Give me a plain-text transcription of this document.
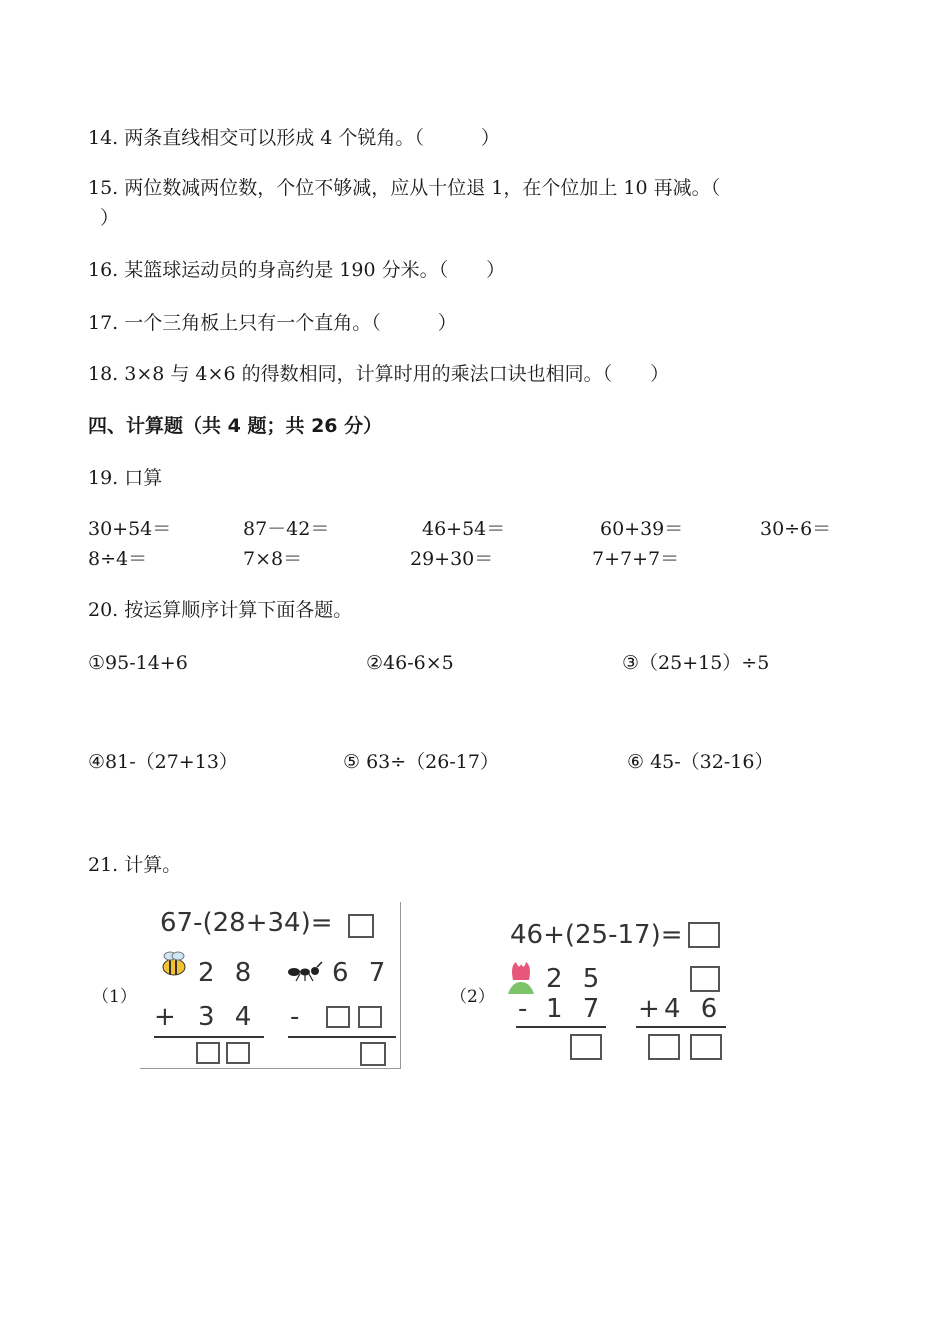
14. 两条直线相交可以形成 4 个锐角。（　　　）
15. 两位数减两位数，个位不够减，应从十位退 1，在个位加上 10 再减。（
）
16. 某篮球运动员的身高约是 190 分米。（　　）
17. 一个三角板上只有一个直角。（　　　）
18. 3×8 与 4×6 的得数相同，计算时用的乘法口诀也相同。（　　）
四、计算题（共 4 题；共 26 分）
19. 口算
30+54＝	87－42＝	46+54＝	60+39＝	30÷6＝
8÷4＝	7×8＝	29+30＝	7+7+7＝
20. 按运算顺序计算下面各题。
①95-14+6	②46-6×5	③（25+15）÷5
④81-（27+13）	⑤ 63÷（26-17）	⑥ 45-（32-16）
21. 计算。
（1）	（2）
67-(28+34)=
2 8
+ 3 4
6 7
-
46+(25-17)=
2 5
- 1 7 + 4 6
